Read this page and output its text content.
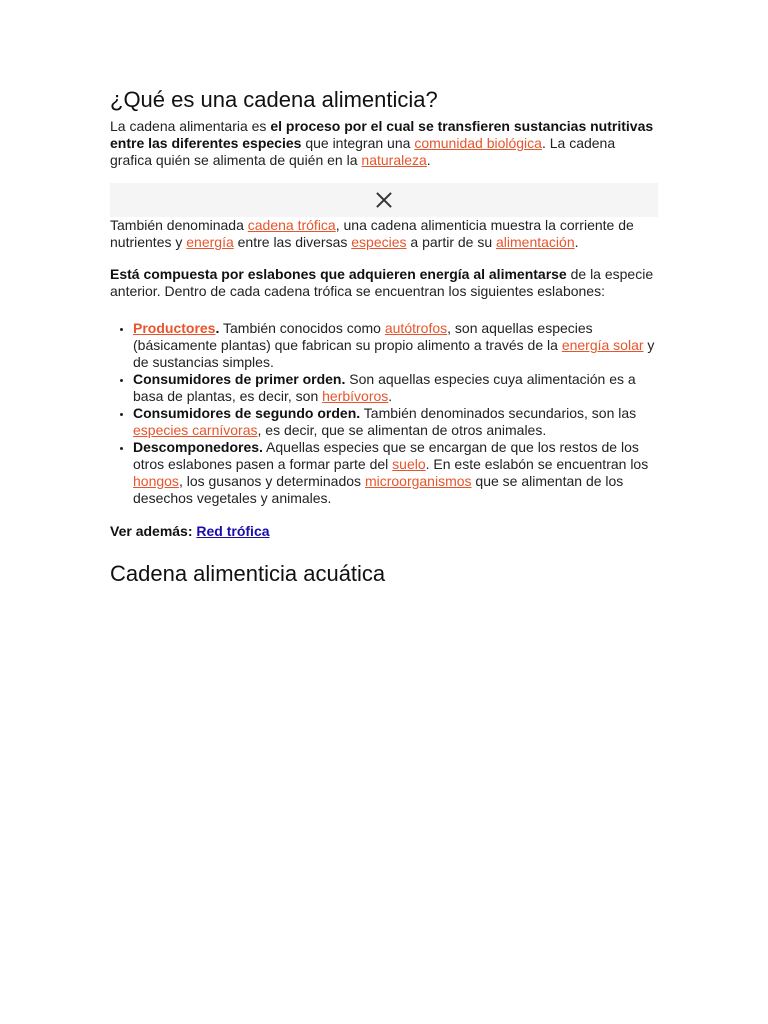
¿Qué es una cadena alimenticia?

La cadena alimentaria es el proceso por el cual se transfieren sustancias nutritivas entre las diferentes especies que integran una comunidad biológica. La cadena grafica quién se alimenta de quién en la naturaleza.

También denominada cadena trófica, una cadena alimenticia muestra la corriente de nutrientes y energía entre las diversas especies a partir de su alimentación.

Está compuesta por eslabones que adquieren energía al alimentarse de la especie anterior. Dentro de cada cadena trófica se encuentran los siguientes eslabones:

• Productores. También conocidos como autótrofos, son aquellas especies (básicamente plantas) que fabrican su propio alimento a través de la energía solar y de sustancias simples.
• Consumidores de primer orden. Son aquellas especies cuya alimentación es a basa de plantas, es decir, son herbívoros.
• Consumidores de segundo orden. También denominados secundarios, son las especies carnívoras, es decir, que se alimentan de otros animales.
• Descomponedores. Aquellas especies que se encargan de que los restos de los otros eslabones pasen a formar parte del suelo. En este eslabón se encuentran los hongos, los gusanos y determinados microorganismos que se alimentan de los desechos vegetales y animales.

Ver además: Red trófica

Cadena alimenticia acuática
